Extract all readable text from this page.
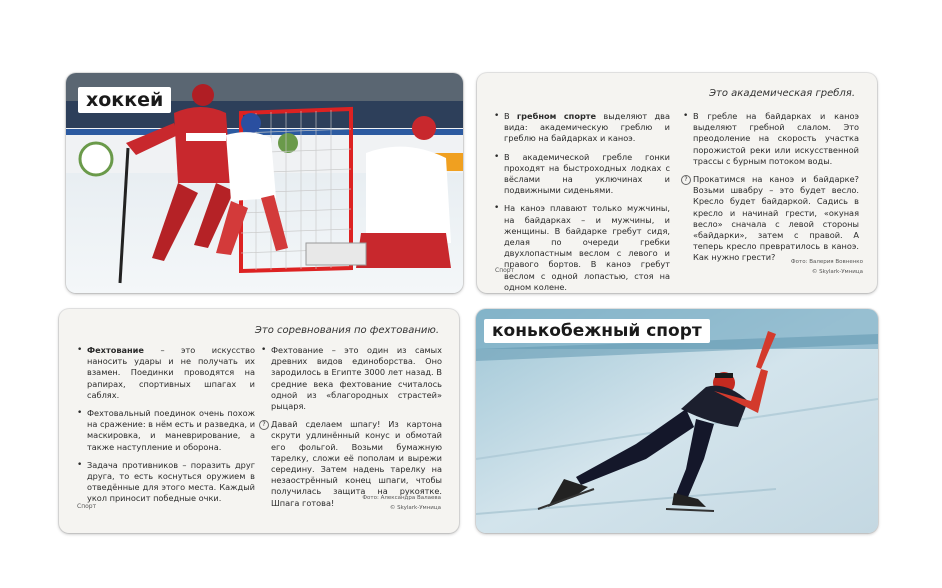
хоккей	Это академическая гребля.
• В гребном спорте выделяют два вида: академическую греблю и греблю на байдарках и каноэ.
• В академической гребле гонки проходят на быстроходных лодках с вёслами на уключинах и подвижными сиденьями.
• На каноэ плавают только мужчины, на байдарках – и мужчины, и женщины. В байдарке гребут сидя, делая по очереди гребки двухлопастным веслом с левого и правого бортов. В каноэ гребут веслом с одной лопастью, стоя на одном колене.
• В гребле на байдарках и каноэ выделяют гребной слалом. Это преодоление на скорость участка порожистой реки или искусственной трассы с бурным потоком воды.
? Прокатимся на каноэ и байдарке? Возьми швабру – это будет весло. Кресло будет байдаркой. Садись в кресло и начинай грести, «окуная весло» сначала с левой стороны «байдарки», затем с правой. А теперь кресло превратилось в каноэ. Как нужно грести?	Фото: Валерия Вовненко
© Skylark-Умница
Спорт
Это соревнования по фехтованию.
• Фехтование – это искусство наносить удары и не получать их взамен. Поединки проводятся на рапирах, спортивных шпагах и саблях.
• Фехтовальный поединок очень похож на сражение: в нём есть и разведка, и маскировка, и маневрирование, а также наступление и оборона.
• Задача противников – поразить друг друга, то есть коснуться оружием в отведённые для этого места. Каждый укол приносит победные очки.
• Фехтование – это один из самых древних видов единоборства. Оно зародилось в Египте 3000 лет назад. В средние века фехтование считалось одной из «благородных страстей» рыцаря.
? Давай сделаем шпагу! Из картона скрути удлинённый конус и обмотай его фольгой. Возьми бумажную тарелку, сложи её пополам и вырежи середину. Затем надень тарелку на незаострённый конец шпаги, чтобы получилась защита на рукоятке. Шпага готова!	Фото: Александра Валаева
© Skylark-Умница
Спорт
конькобежный спорт
